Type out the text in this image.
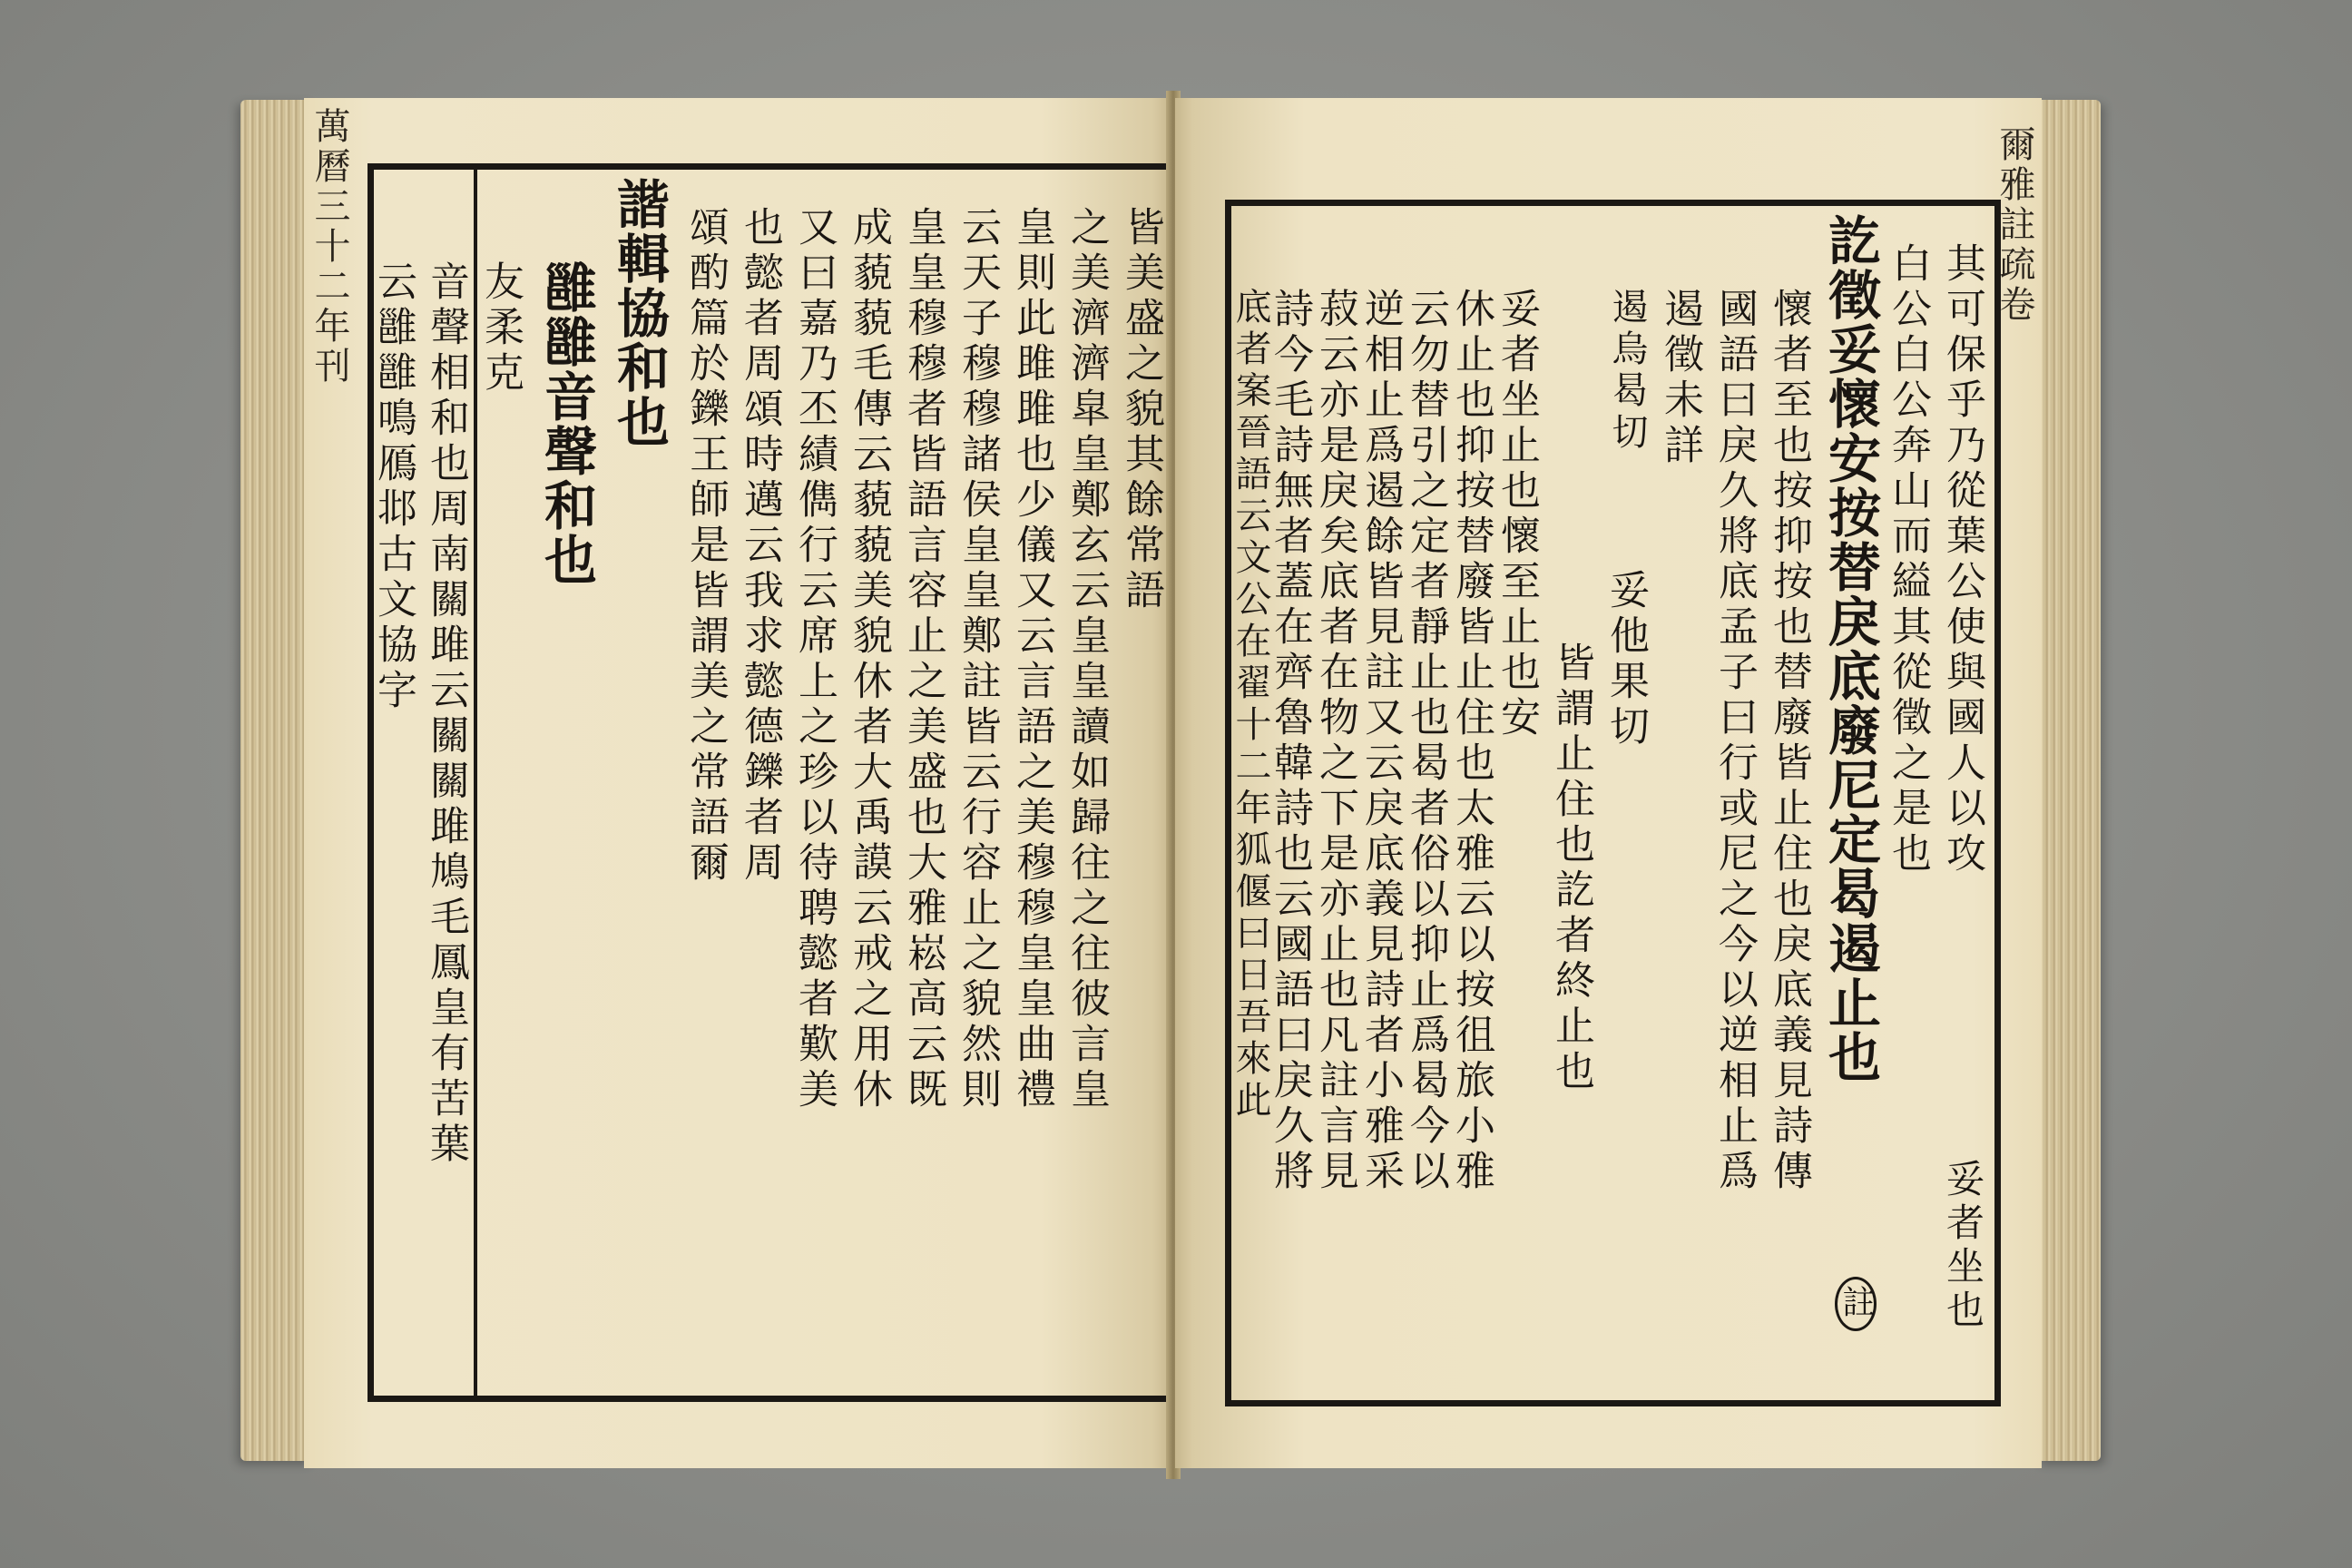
萬曆三十二年刊	皆美盛之貌其餘常語
之美濟濟皐皇鄭玄云皇皇讀如歸往之往彼言皇
皇則此雎雎也少儀又云言語之美穆穆皇皇曲禮
云天子穆穆諸侯皇皇鄭註皆云行容止之貌然則
皇皇穆穆者皆語言容止之美盛也大雅崧高云既
成藐藐毛傳云藐藐美貌休者大禹謨云戒之用休
又曰嘉乃丕績儁行云席上之珍以待聘懿者歎美
也懿者周頌時邁云我求懿德鑠者周
頌酌篇於鑠王師是皆謂美之常語爾
諧輯協和也
雝雝音聲和也
友柔克
音聲相和也周南關雎云關關雎鳩毛鳳皇有苦葉
云雝雝鳴鴈邶古文協字
爾雅註疏卷
其可保乎乃從葉公使與國人以攻
白公白公奔山而縊其從徵之是也
訖徵妥懷安按替戾底廢尼定曷遏止也
懷者至也按抑按也替廢皆止住也戾底義見詩傳
國語曰戾久將底孟子曰行或尼之今以逆相止爲
遏徵未詳
妥他果切
遏烏曷切
皆謂止住也訖者終止也
妥者坐止也懷至止也安
休止也抑按替廢皆止住也太雅云以按徂旅小雅
云勿替引之定者靜止也曷者俗以抑止爲曷今以
逆相止爲遏餘皆見註又云戾底義見詩者小雅采
菽云亦是戾矣底者在物之下是亦止也凡註言見
詩今毛詩無者蓋在齊魯韓詩也云國語曰戾久將
底者案晉語云文公在翟十二年狐偃曰日吾來此
妥者坐也
註
